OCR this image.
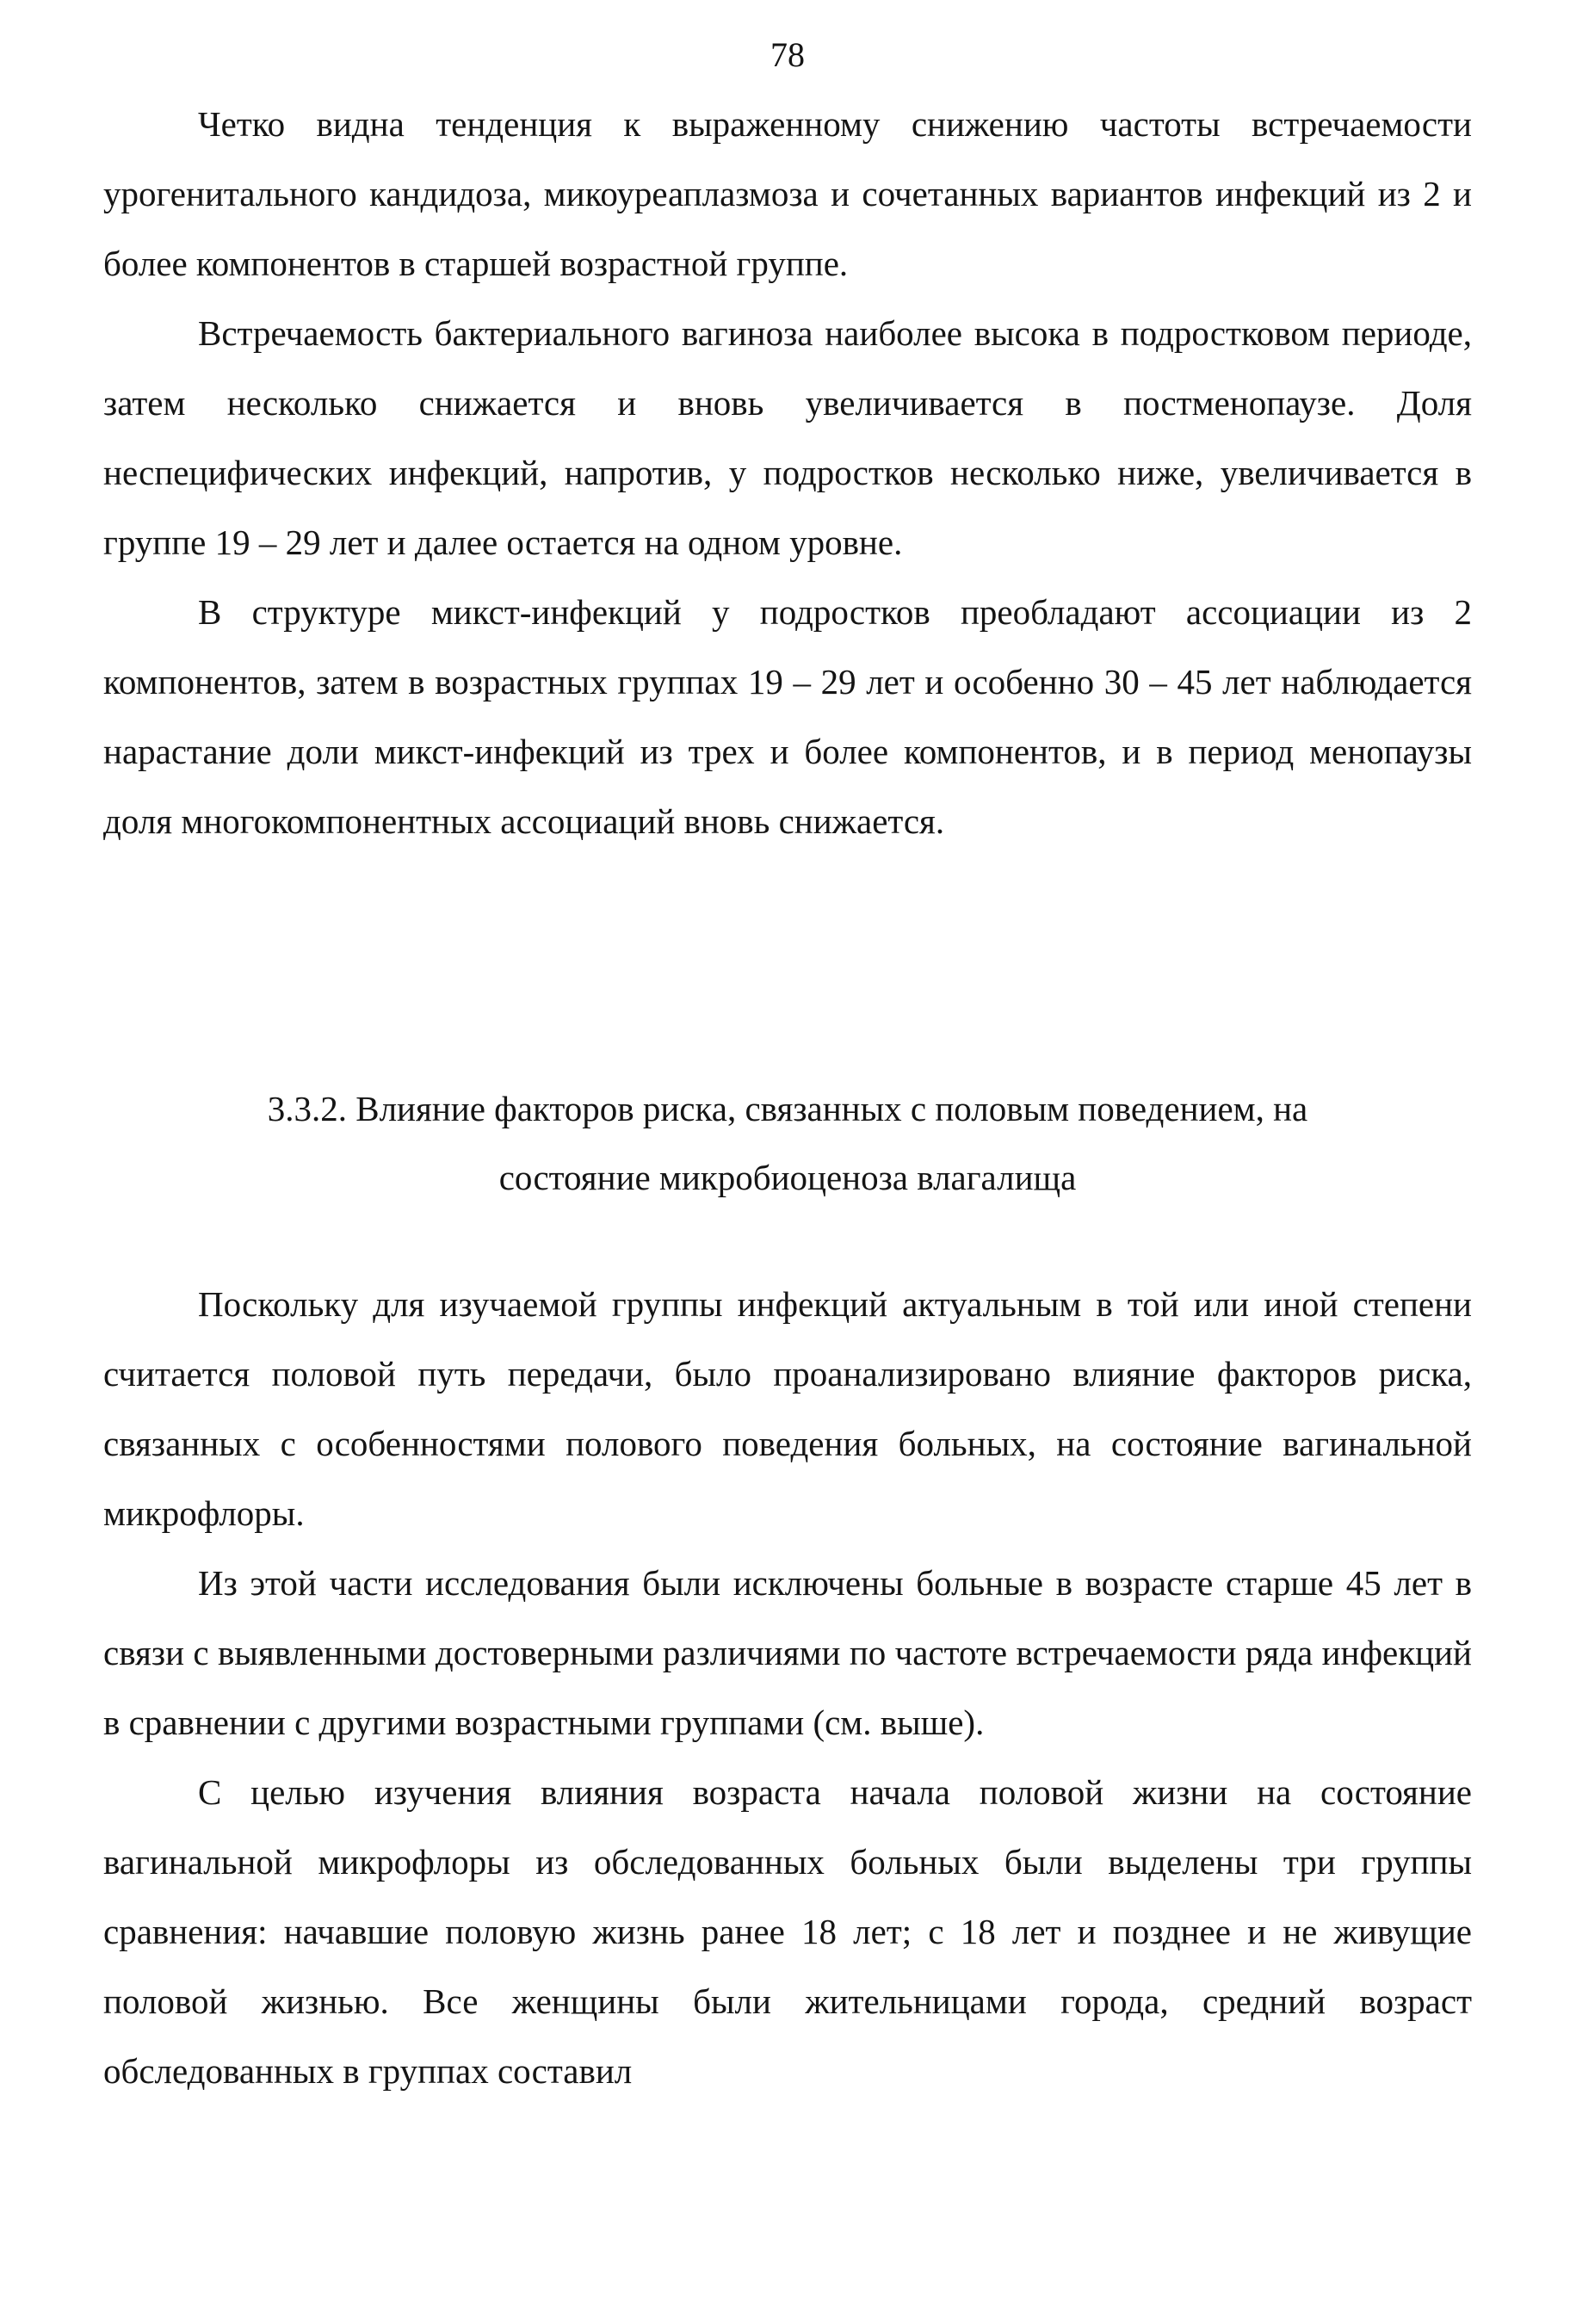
78

Четко видна тенденция к выраженному снижению частоты встречаемости урогенитального кандидоза, микоуреаплазмоза и сочетанных вариантов инфекций из 2 и более компонентов в старшей возрастной группе.

Встречаемость бактериального вагиноза наиболее высока в подростковом периоде, затем несколько снижается и вновь увеличивается в постменопаузе. Доля неспецифических инфекций, напротив, у подростков несколько ниже, увеличивается в группе 19 – 29 лет и далее остается на одном уровне.

В структуре микст-инфекций у подростков преобладают ассоциации из 2 компонентов, затем в возрастных группах 19 – 29 лет и особенно 30 – 45 лет наблюдается нарастание доли микст-инфекций из трех и более компонентов, и в период менопаузы доля многокомпонентных ассоциаций вновь снижается.

3.3.2. Влияние факторов риска, связанных с половым поведением, на
состояние микробиоценоза влагалища

Поскольку для изучаемой группы инфекций актуальным в той или иной степени считается половой путь передачи, было проанализировано влияние факторов риска, связанных с особенностями полового поведения больных, на состояние вагинальной микрофлоры.

Из этой части исследования были исключены больные в возрасте старше 45 лет в связи с выявленными достоверными различиями по частоте встречаемости ряда инфекций в сравнении с другими возрастными группами (см. выше).

С целью изучения влияния возраста начала половой жизни на состояние вагинальной микрофлоры из обследованных больных были выделены три группы сравнения: начавшие половую жизнь ранее 18 лет; с 18 лет и позднее и не живущие половой жизнью. Все женщины были жительницами города, средний возраст обследованных в группах составил
